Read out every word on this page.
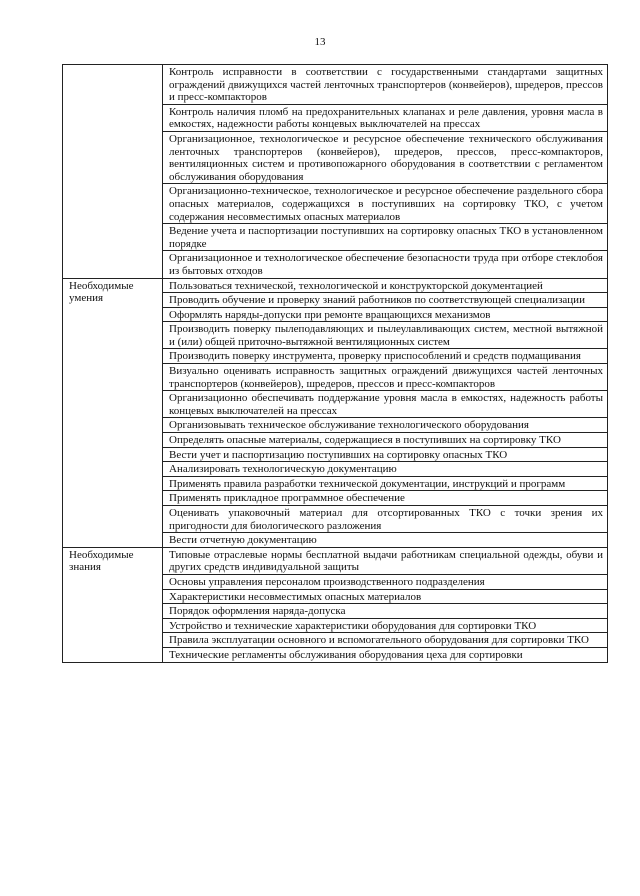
13
	Контроль исправности в соответствии с государственными стандартами защитных ограждений движущихся частей ленточных транспортеров (конвейеров), шредеров, прессов и пресс-компакторов
	Контроль наличия пломб на предохранительных клапанах и реле давления, уровня масла в емкостях, надежности работы концевых выключателей на прессах
	Организационное, технологическое и ресурсное обеспечение технического обслуживания ленточных транспортеров (конвейеров), шредеров, прессов, пресс-компакторов, вентиляционных систем и противопожарного оборудования в соответствии с регламентом обслуживания оборудования
	Организационно-техническое, технологическое и ресурсное обеспечение раздельного сбора опасных материалов, содержащихся в поступивших на сортировку ТКО, с учетом содержания несовместимых опасных материалов
	Ведение учета и паспортизации поступивших на сортировку опасных ТКО в установленном порядке
	Организационное и технологическое обеспечение безопасности труда при отборе стеклобоя из бытовых отходов
Необходимые умения	Пользоваться технической, технологической и конструкторской документацией
	Проводить обучение и проверку знаний работников по соответствующей специализации
	Оформлять наряды-допуски при ремонте вращающихся механизмов
	Производить поверку пылеподавляющих и пылеулавливающих систем, местной вытяжной и (или) общей приточно-вытяжной вентиляционных систем
	Производить поверку инструмента, проверку приспособлений и средств подмащивания
	Визуально оценивать исправность защитных ограждений движущихся частей ленточных транспортеров (конвейеров), шредеров, прессов и пресс-компакторов
	Организационно обеспечивать поддержание уровня масла в емкостях, надежность работы концевых выключателей на прессах
	Организовывать техническое обслуживание технологического оборудования
	Определять опасные материалы, содержащиеся в поступивших на сортировку ТКО
	Вести учет и паспортизацию поступивших на сортировку опасных ТКО
	Анализировать технологическую документацию
	Применять правила разработки технической документации, инструкций и программ
	Применять прикладное программное обеспечение
	Оценивать упаковочный материал для отсортированных ТКО с точки зрения их пригодности для биологического разложения
	Вести отчетную документацию
Необходимые знания	Типовые отраслевые нормы бесплатной выдачи работникам специальной одежды, обуви и других средств индивидуальной защиты
	Основы управления персоналом производственного подразделения
	Характеристики несовместимых опасных материалов
	Порядок оформления наряда-допуска
	Устройство и технические характеристики оборудования для сортировки ТКО
	Правила эксплуатации основного и вспомогательного оборудования для сортировки ТКО
	Технические регламенты обслуживания оборудования цеха для сортировки
